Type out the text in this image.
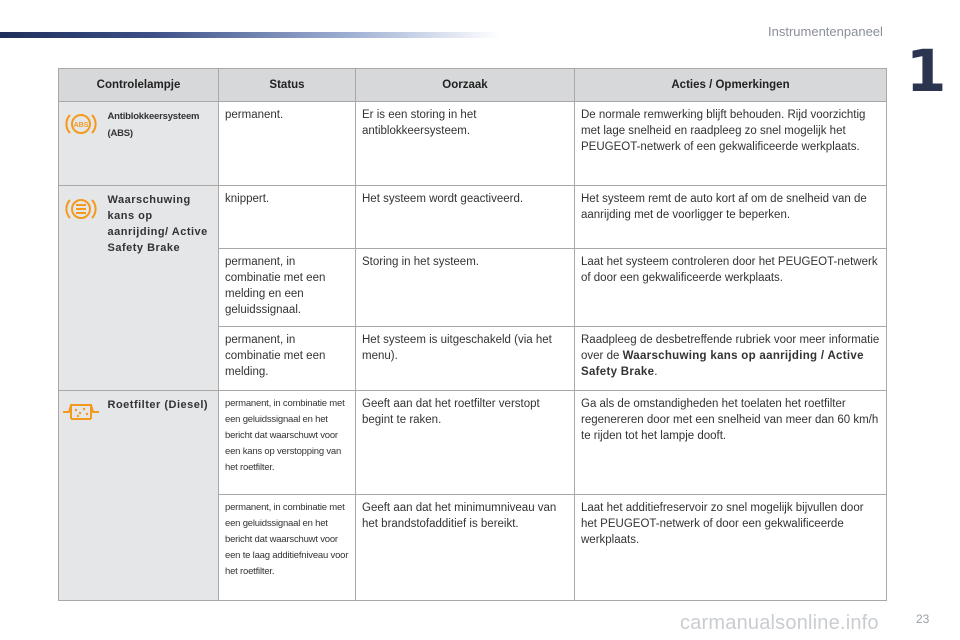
Instrumentenpaneel
1
Controlelampje		Status	Oorzaak	Acties / Opmerkingen

ABS	Antiblokkeersysteem (ABS)	permanent.	Er is een storing in het antiblokkeersysteem.	De normale remwerking blijft behouden. Rijd voorzichtig met lage snelheid en raadpleeg zo snel mogelijk het PEUGEOT-netwerk of een gekwalificeerde werkplaats.
	Waarschuwing kans op aanrijding/ Active Safety Brake	knippert.	Het systeem wordt geactiveerd.	Het systeem remt de auto kort af om de snelheid van de aanrijding met de voorligger te beperken.
		permanent, in combinatie met een melding en een geluidssignaal.	Storing in het systeem.	Laat het systeem controleren door het PEUGEOT-netwerk of door een gekwalificeerde werkplaats.
		permanent, in combinatie met een melding.	Het systeem is uitgeschakeld (via het menu).	Raadpleeg de desbetreffende rubriek voor meer informatie over de Waarschuwing kans op aanrijding / Active Safety Brake.
	Roetfilter (Diesel)	permanent, in combinatie met een geluidssignaal en het bericht dat waarschuwt voor een kans op verstopping van het roetfilter.	Geeft aan dat het roetfilter verstopt begint te raken.	Ga als de omstandigheden het toelaten het roetfilter regenereren door met een snelheid van meer dan 60 km/h te rijden tot het lampje dooft.
		permanent, in combinatie met een geluidssignaal en het bericht dat waarschuwt voor een te laag additiefniveau voor het roetfilter.	Geeft aan dat het minimumniveau van het brandstofadditief is bereikt.	Laat het additiefreservoir zo snel mogelijk bijvullen door het PEUGEOT-netwerk of door een gekwalificeerde werkplaats.
carmanualsonline.info	23
